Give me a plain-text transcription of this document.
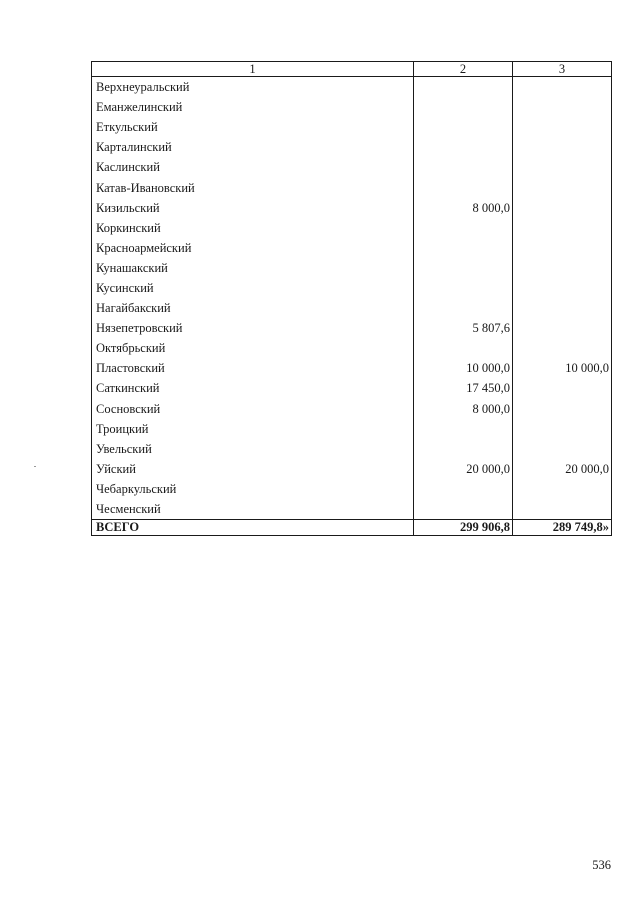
1	2	3
Верхнеуральский		
Еманжелинский		
Еткульский		
Карталинский		
Каслинский		
Катав-Ивановский		
Кизильский	8 000,0	
Коркинский		
Красноармейский		
Кунашакский		
Кусинский		
Нагайбакский		
Нязепетровский	5 807,6	
Октябрьский		
Пластовский	10 000,0	10 000,0
Саткинский	17 450,0	
Сосновский	8 000,0	
Троицкий		
Увельский		
Уйский	20 000,0	20 000,0
Чебаркульский		
Чесменский		
ВСЕГО	299 906,8	289 749,8»
536
